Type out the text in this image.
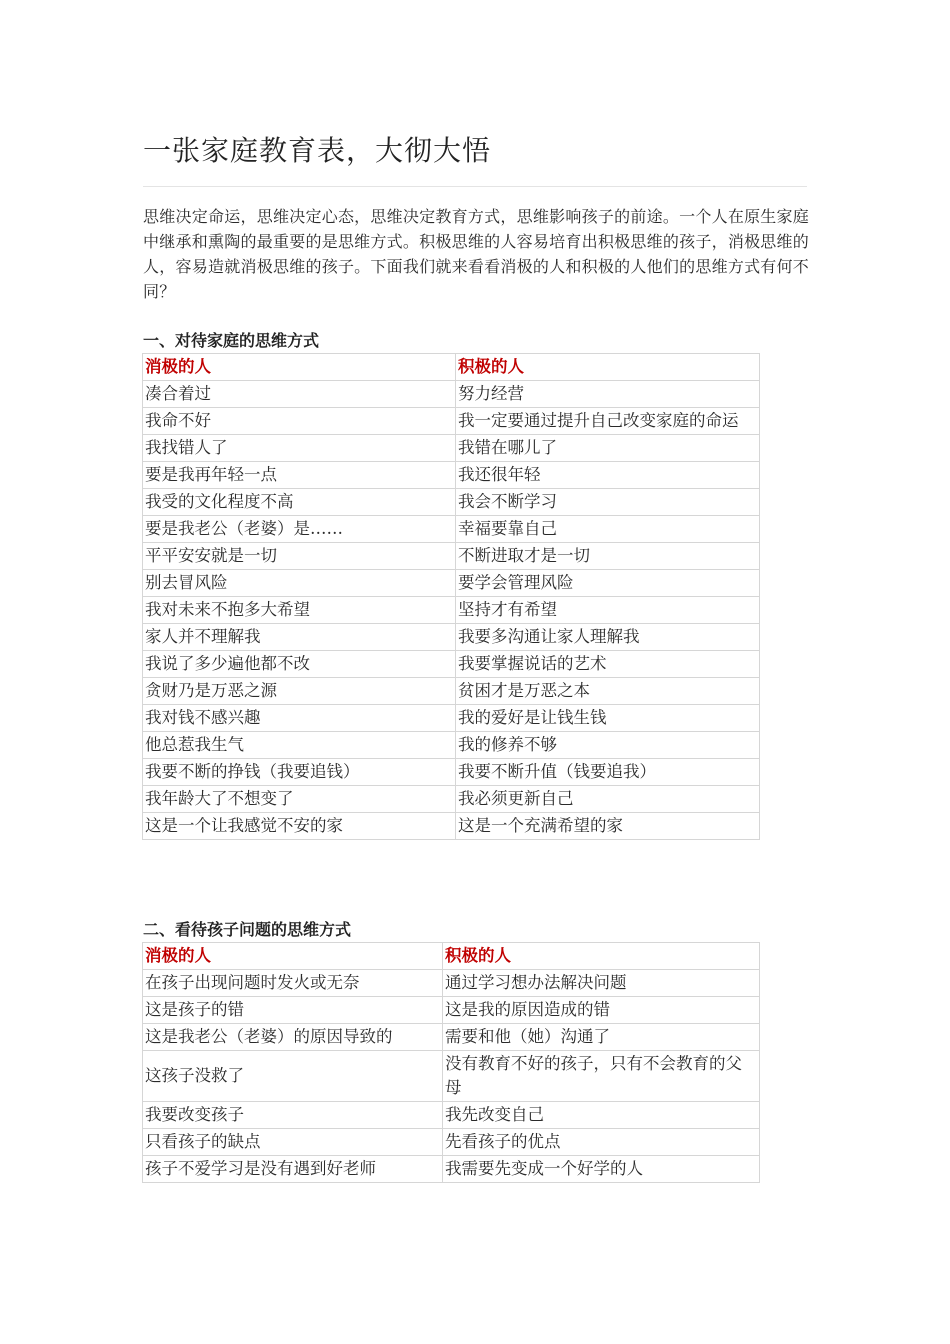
一张家庭教育表，大彻大悟

思维决定命运，思维决定心态，思维决定教育方式，思维影响孩子的前途。一个人在原生家庭中继承和熏陶的最重要的是思维方式。积极思维的人容易培育出积极思维的孩子，消极思维的人，容易造就消极思维的孩子。下面我们就来看看消极的人和积极的人他们的思维方式有何不同？

一、对待家庭的思维方式
消极的人	积极的人
凑合着过	努力经营
我命不好	我一定要通过提升自己改变家庭的命运
我找错人了	我错在哪儿了
要是我再年轻一点	我还很年轻
我受的文化程度不高	我会不断学习
要是我老公（老婆）是……	幸福要靠自己
平平安安就是一切	不断进取才是一切
别去冒风险	要学会管理风险
我对未来不抱多大希望	坚持才有希望
家人并不理解我	我要多沟通让家人理解我
我说了多少遍他都不改	我要掌握说话的艺术
贪财乃是万恶之源	贫困才是万恶之本
我对钱不感兴趣	我的爱好是让钱生钱
他总惹我生气	我的修养不够
我要不断的挣钱（我要追钱）	我要不断升值（钱要追我）
我年龄大了不想变了	我必须更新自己
这是一个让我感觉不安的家	这是一个充满希望的家
二、看待孩子问题的思维方式
消极的人	积极的人
在孩子出现问题时发火或无奈	通过学习想办法解决问题
这是孩子的错	这是我的原因造成的错
这是我老公（老婆）的原因导致的	需要和他（她）沟通了
这孩子没救了	没有教育不好的孩子，只有不会教育的父母
我要改变孩子	我先改变自己
只看孩子的缺点	先看孩子的优点
孩子不爱学习是没有遇到好老师	我需要先变成一个好学的人
